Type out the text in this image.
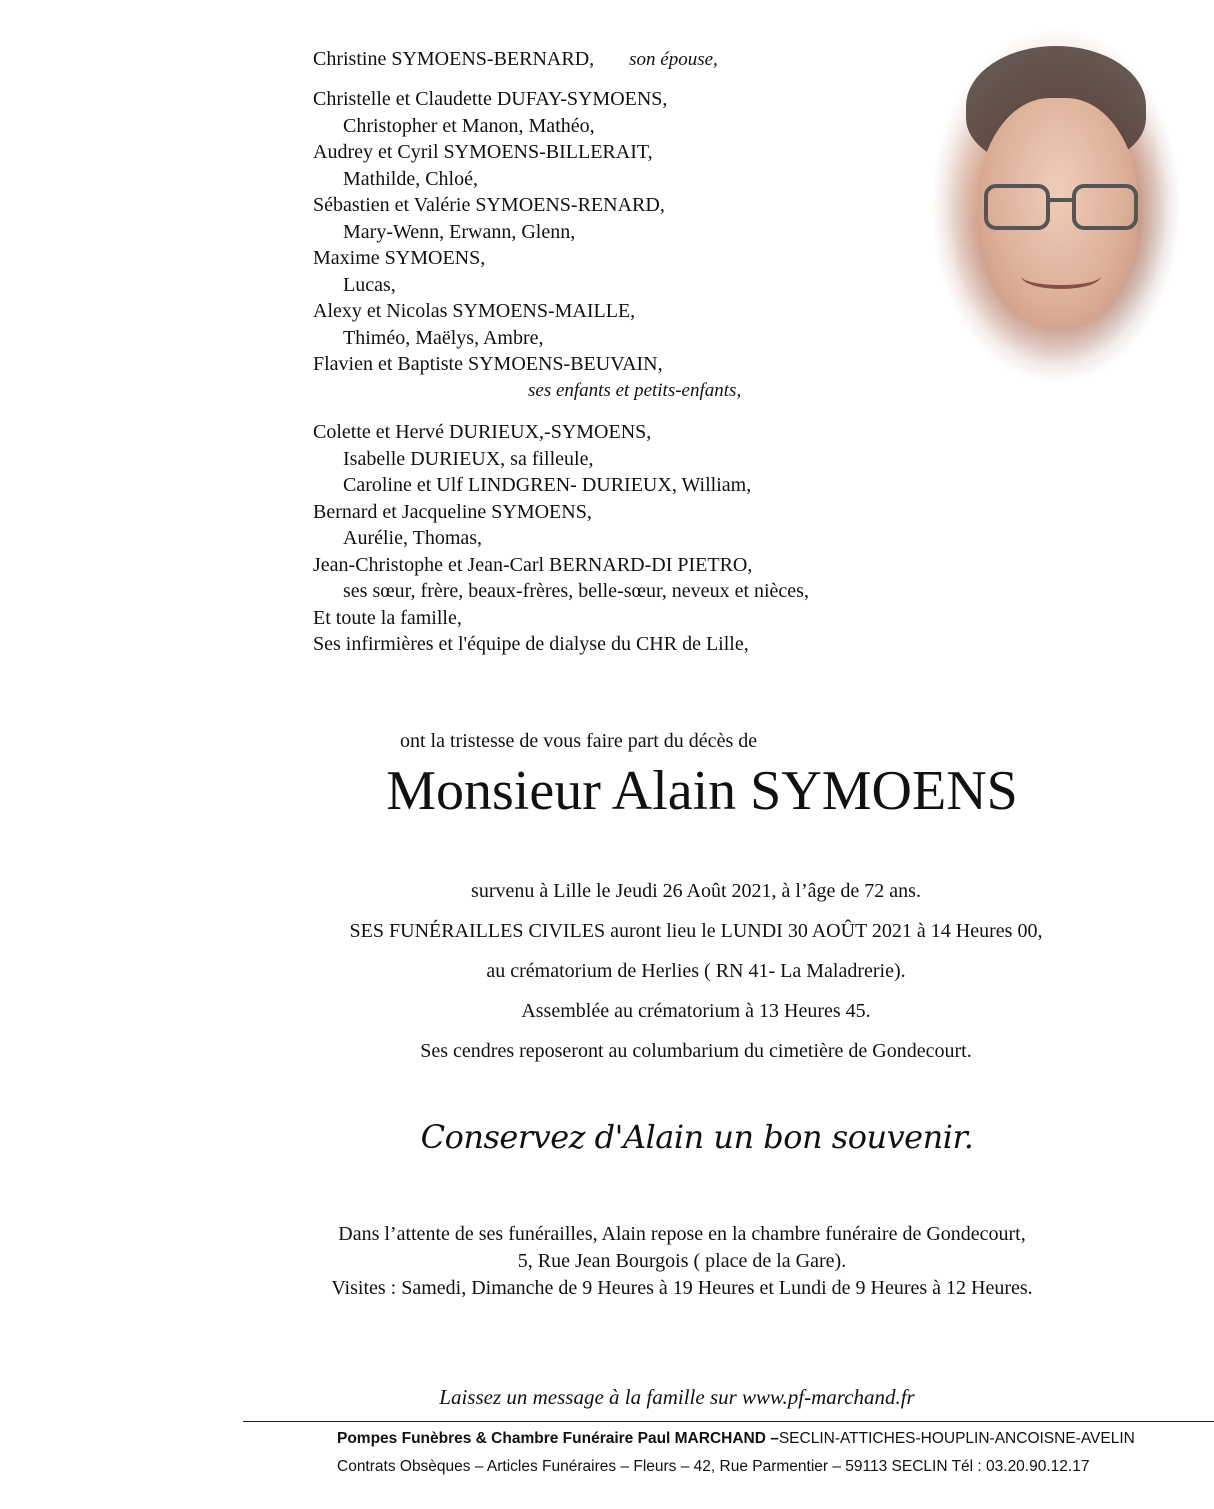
Christine SYMOENS-BERNARD, son épouse,
Christelle et Claudette DUFAY-SYMOENS,
Christopher et Manon, Mathéo,
Audrey et Cyril SYMOENS-BILLERAIT,
Mathilde, Chloé,
Sébastien et Valérie SYMOENS-RENARD,
Mary-Wenn, Erwann, Glenn,
Maxime SYMOENS,
Lucas,
Alexy et Nicolas SYMOENS-MAILLE,
Thiméo, Maëlys, Ambre,
Flavien et Baptiste SYMOENS-BEUVAIN,
ses enfants et petits-enfants,
Colette et Hervé DURIEUX,-SYMOENS,
Isabelle DURIEUX, sa filleule,
Caroline et Ulf LINDGREN- DURIEUX, William,
Bernard et Jacqueline SYMOENS,
Aurélie, Thomas,
Jean-Christophe et Jean-Carl BERNARD-DI PIETRO,
ses sœur, frère, beaux-frères, belle-sœur, neveux et nièces,
Et toute la famille,
Ses infirmières et l'équipe de dialyse du CHR de Lille,
ont la tristesse de vous faire part du décès de
Monsieur Alain SYMOENS
survenu à Lille le Jeudi 26 Août 2021, à l’âge de 72 ans.
SES FUNÉRAILLES CIVILES auront lieu le LUNDI 30 AOÛT 2021 à 14 Heures 00,
au crématorium de Herlies ( RN 41- La Maladrerie).
Assemblée au crématorium à 13 Heures 45.
Ses cendres reposeront au columbarium du cimetière de Gondecourt.
Conservez d'Alain un bon souvenir.
Dans l’attente de ses funérailles, Alain repose en la chambre funéraire de Gondecourt,
5, Rue Jean Bourgois ( place de la Gare).
Visites : Samedi, Dimanche de 9 Heures à 19 Heures et Lundi de 9 Heures à 12 Heures.
Laissez un message à la famille sur www.pf-marchand.fr
Pompes Funèbres & Chambre Funéraire Paul MARCHAND –SECLIN-ATTICHES-HOUPLIN-ANCOISNE-AVELIN
Contrats Obsèques – Articles Funéraires – Fleurs – 42, Rue Parmentier – 59113 SECLIN Tél : 03.20.90.12.17
